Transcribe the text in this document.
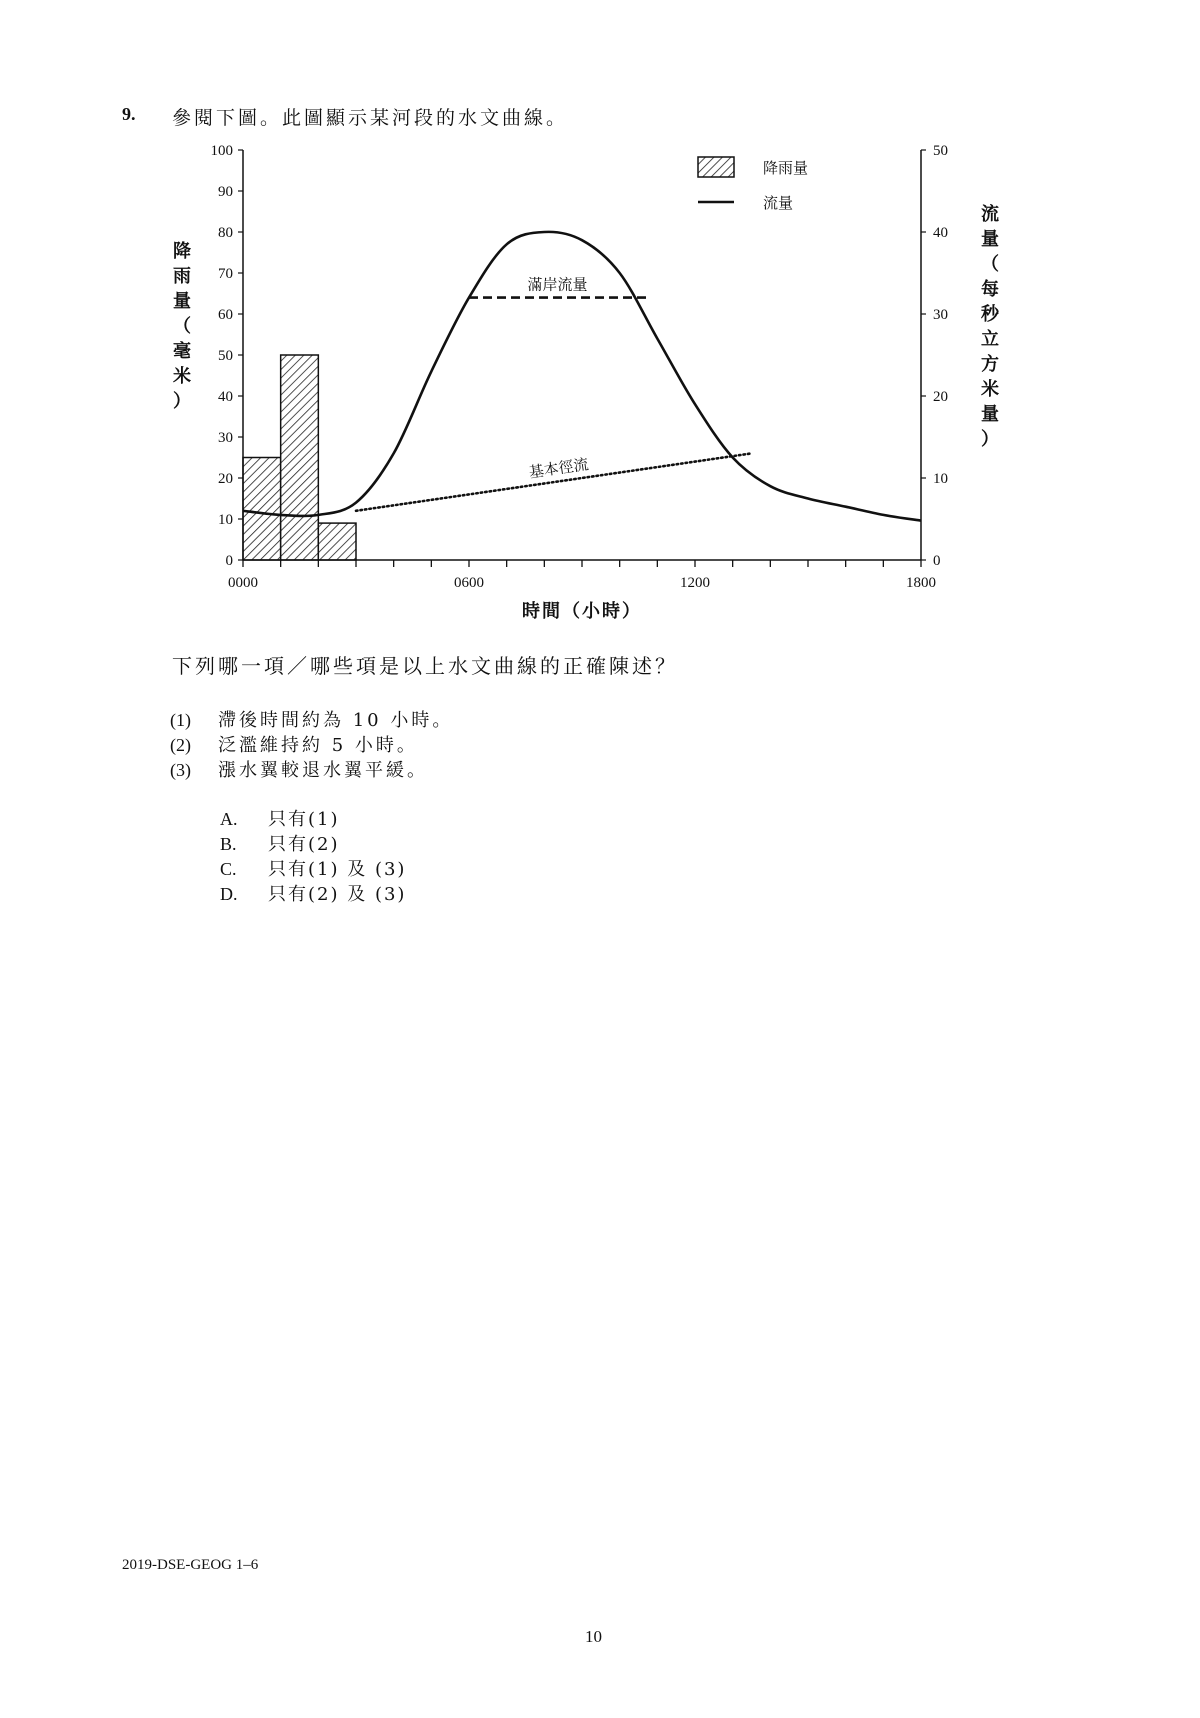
9. 參閱下圖。此圖顯示某河段的水文曲線。
0
10
20
30
40
50
60
70
80
90
100
0
10
20
30
40
50
0000	0600	1200	1800
時間（小時）
降雨量（毫米）
流量（每秒立方米量）
滿岸流量
基本徑流
降雨量
流量
下列哪一項／哪些項是以上水文曲線的正確陳述？
(1) 滯後時間約為 10 小時。
(2) 泛濫維持約 5 小時。
(3) 漲水翼較退水翼平緩。
A. 只有(1)
B. 只有(2)
C. 只有(1) 及 (3)
D. 只有(2) 及 (3)
2019-DSE-GEOG 1–6
10
